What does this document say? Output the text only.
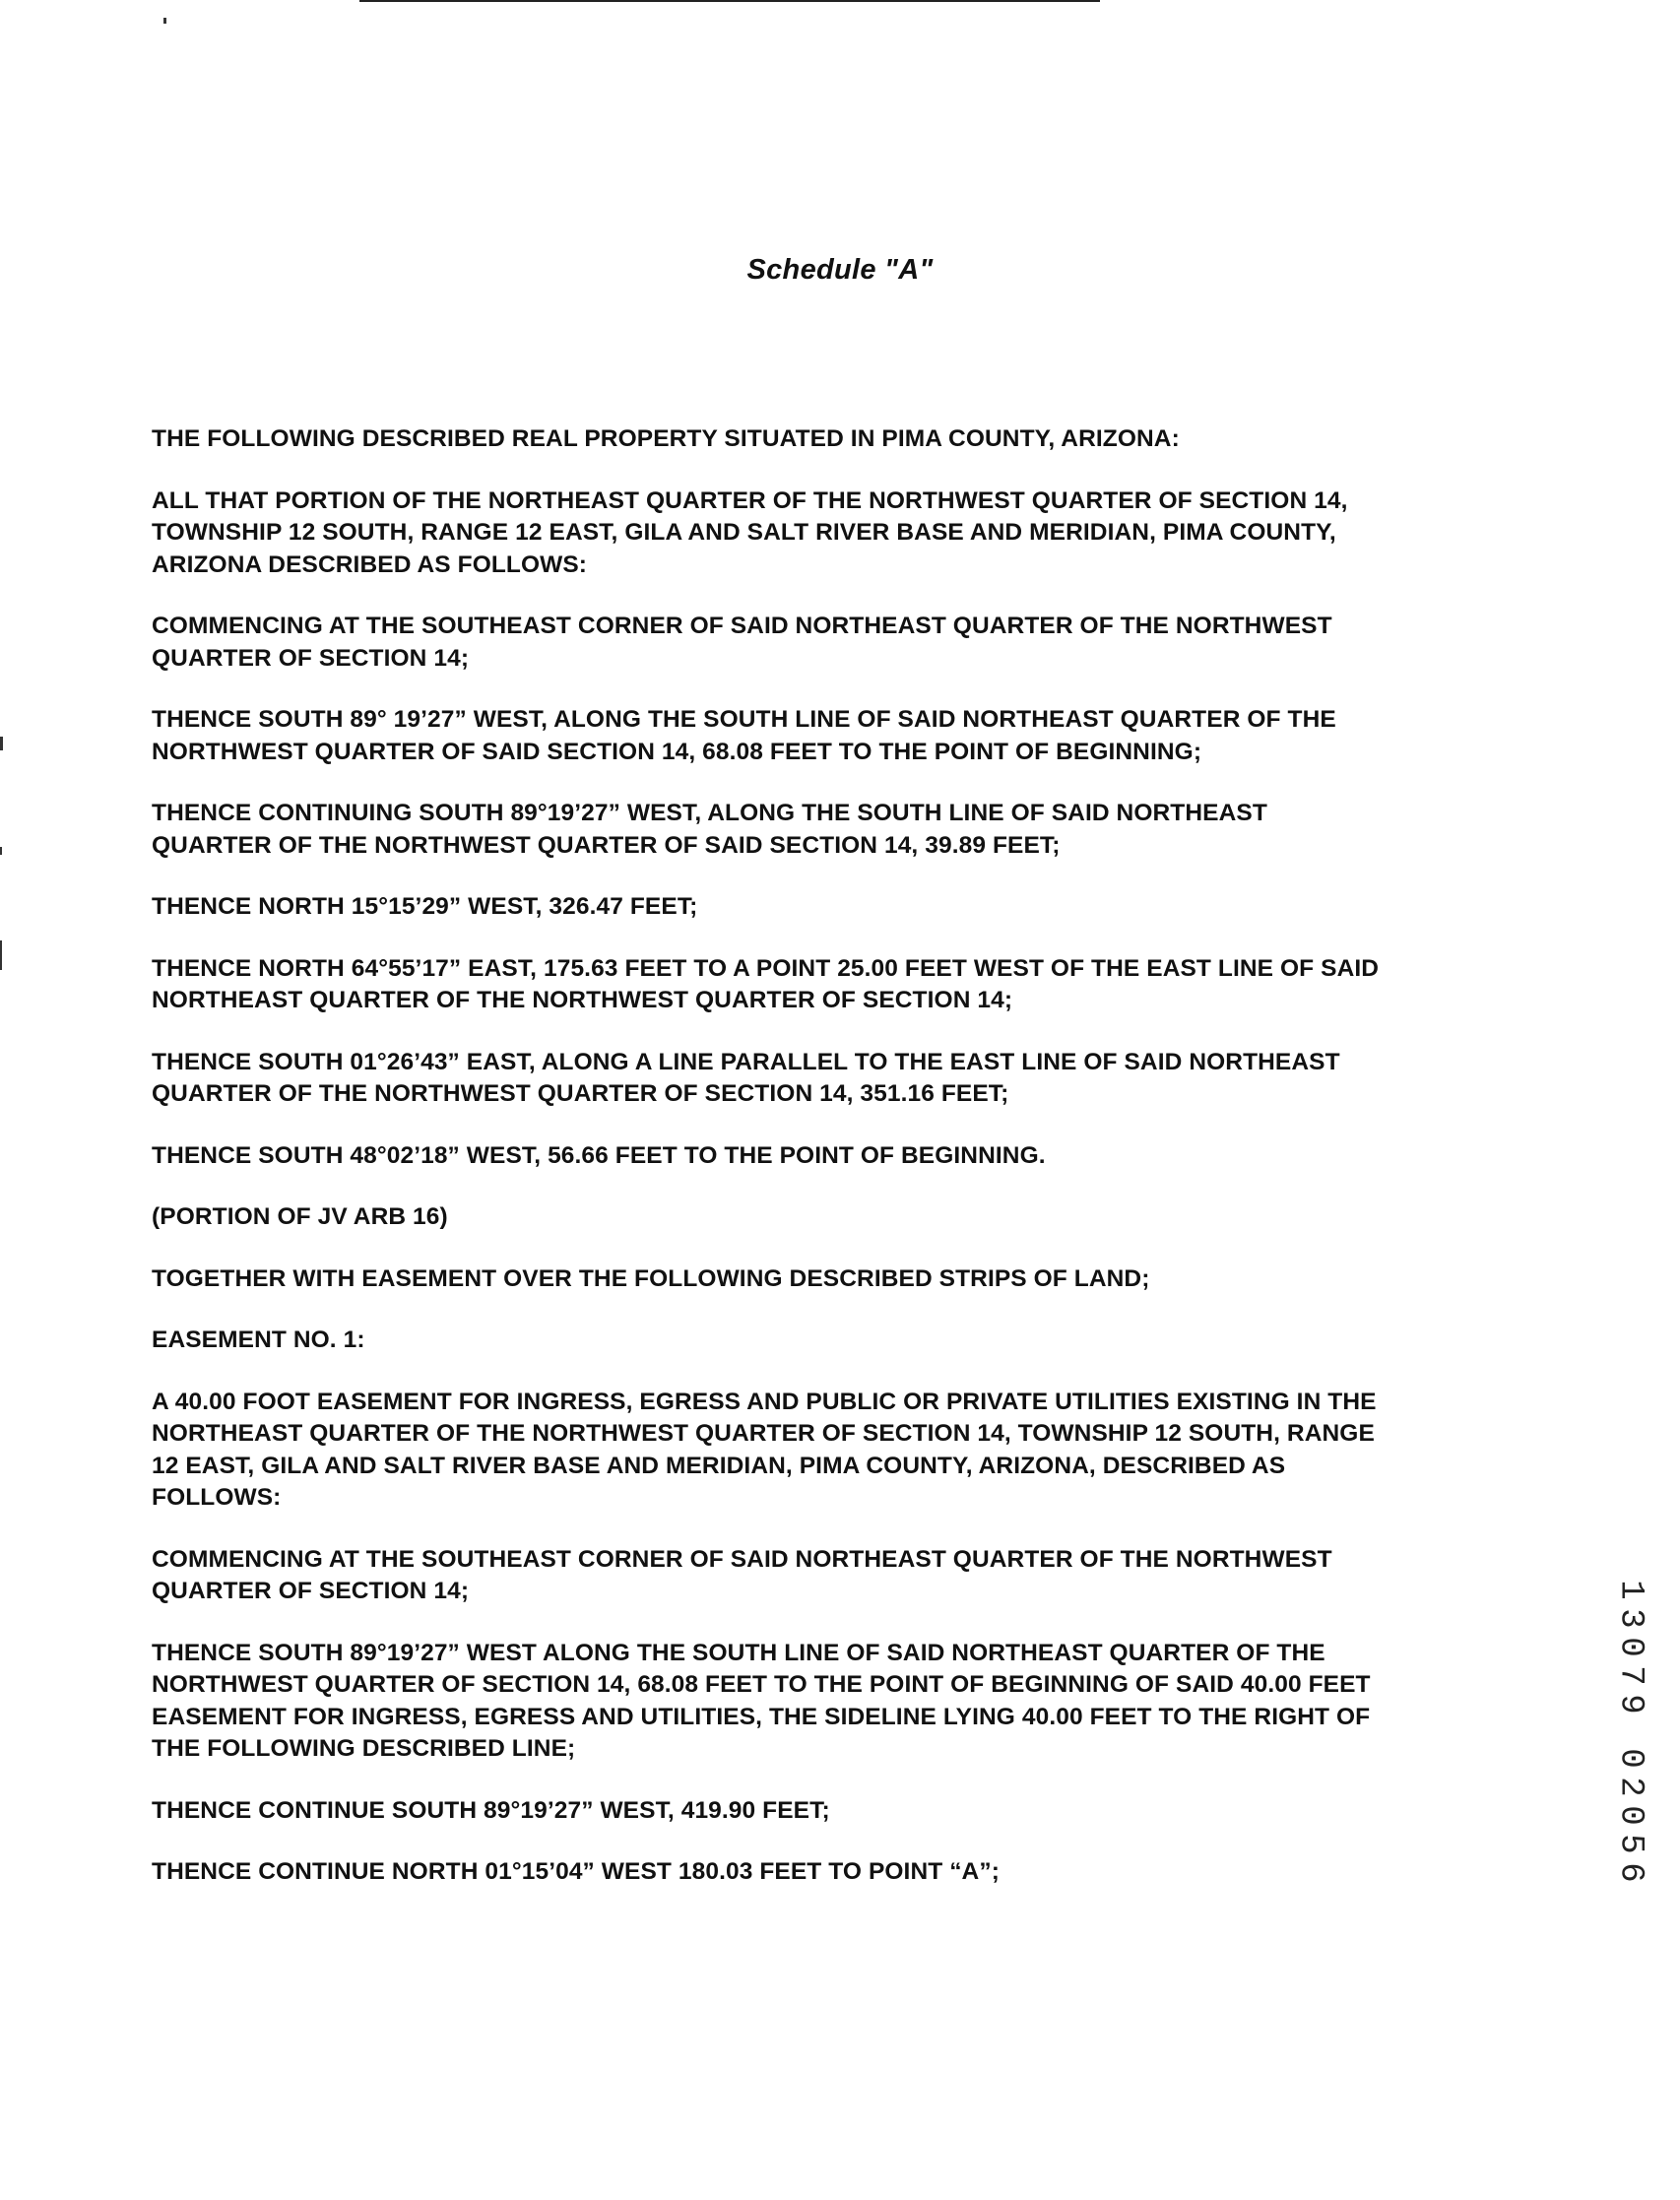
Schedule "A"

THE FOLLOWING DESCRIBED REAL PROPERTY SITUATED IN PIMA COUNTY, ARIZONA:

ALL THAT PORTION OF THE NORTHEAST QUARTER OF THE NORTHWEST QUARTER OF SECTION 14,
TOWNSHIP 12 SOUTH, RANGE 12 EAST, GILA AND SALT RIVER BASE AND MERIDIAN, PIMA COUNTY,
ARIZONA DESCRIBED AS FOLLOWS:

COMMENCING AT THE SOUTHEAST CORNER OF SAID NORTHEAST QUARTER OF THE NORTHWEST
QUARTER OF SECTION 14;

THENCE SOUTH 89° 19’27” WEST, ALONG THE SOUTH LINE OF SAID NORTHEAST QUARTER OF THE
NORTHWEST QUARTER OF SAID SECTION 14, 68.08 FEET TO THE POINT OF BEGINNING;

THENCE CONTINUING SOUTH 89°19’27” WEST, ALONG THE SOUTH LINE OF SAID NORTHEAST
QUARTER OF THE NORTHWEST QUARTER OF SAID SECTION 14, 39.89 FEET;

THENCE NORTH 15°15’29” WEST, 326.47 FEET;

THENCE NORTH 64°55’17” EAST, 175.63 FEET TO A POINT 25.00 FEET WEST OF THE EAST LINE OF SAID
NORTHEAST QUARTER OF THE NORTHWEST QUARTER OF SECTION 14;

THENCE SOUTH 01°26’43” EAST, ALONG A LINE PARALLEL TO THE EAST LINE OF SAID NORTHEAST
QUARTER OF THE NORTHWEST QUARTER OF SECTION 14, 351.16 FEET;

THENCE SOUTH 48°02’18” WEST, 56.66 FEET TO THE POINT OF BEGINNING.

(PORTION OF JV ARB 16)

TOGETHER WITH EASEMENT OVER THE FOLLOWING DESCRIBED STRIPS OF LAND;

EASEMENT NO. 1:

A 40.00 FOOT EASEMENT FOR INGRESS, EGRESS AND PUBLIC OR PRIVATE UTILITIES EXISTING IN THE
NORTHEAST QUARTER OF THE NORTHWEST QUARTER OF SECTION 14, TOWNSHIP 12 SOUTH, RANGE
12 EAST, GILA AND SALT RIVER BASE AND MERIDIAN, PIMA COUNTY, ARIZONA, DESCRIBED AS
FOLLOWS:

COMMENCING AT THE SOUTHEAST CORNER OF SAID NORTHEAST QUARTER OF THE NORTHWEST
QUARTER OF SECTION 14;

THENCE SOUTH 89°19’27” WEST ALONG THE SOUTH LINE OF SAID NORTHEAST QUARTER OF THE
NORTHWEST QUARTER OF SECTION 14, 68.08 FEET TO THE POINT OF BEGINNING OF SAID 40.00 FEET
EASEMENT FOR INGRESS, EGRESS AND UTILITIES, THE SIDELINE LYING 40.00 FEET TO THE RIGHT OF
THE FOLLOWING DESCRIBED LINE;

THENCE CONTINUE SOUTH 89°19’27” WEST, 419.90 FEET;

THENCE CONTINUE NORTH 01°15’04” WEST 180.03 FEET TO POINT “A”;

1
3
0
7
9
0
2
0
5
6
